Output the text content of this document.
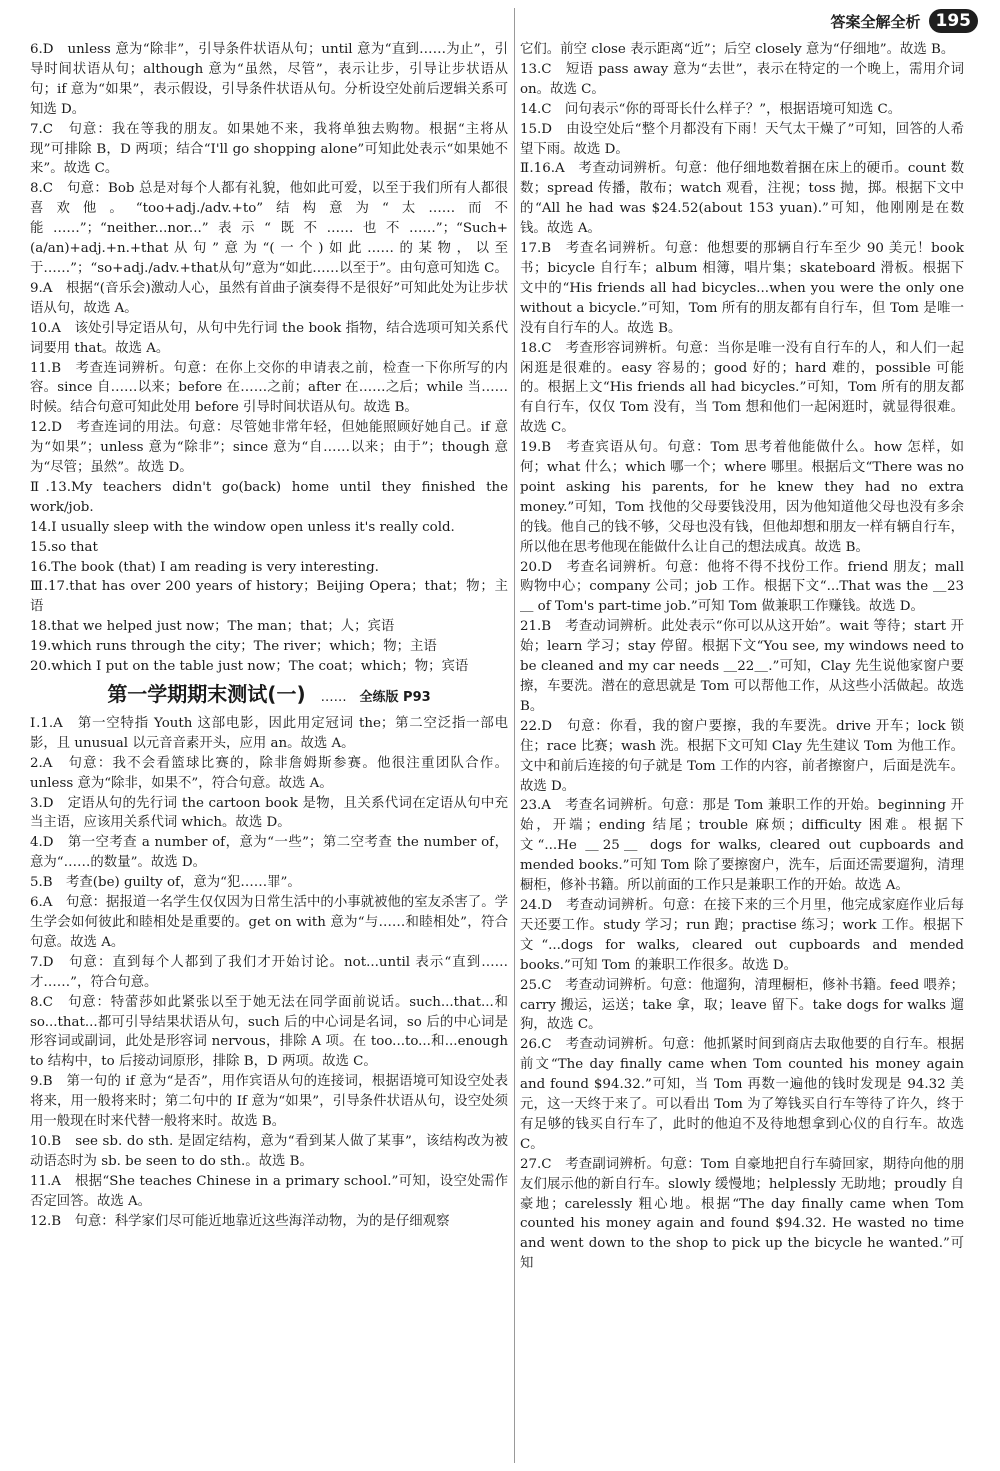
答案全解全析 195

6.D　unless 意为“除非”，引导条件状语从句；until 意为“直到……为止”，引导时间状语从句；although 意为“虽然，尽管”，表示让步，引导让步状语从句；if 意为“如果”，表示假设，引导条件状语从句。分析设空处前后逻辑关系可知选 D。

7.C　句意：我在等我的朋友。如果她不来，我将单独去购物。根据“主将从现”可排除 B，D 两项；结合“I'll go shopping alone”可知此处表示“如果她不来”。故选 C。

8.C　句意：Bob 总是对每个人都有礼貌，他如此可爱，以至于我们所有人都很喜欢他。“too+adj./adv.+to”结构意为“太……而不能……”；“neither...nor...”表示“既不……也不……”；“Such+(a/an)+adj.+n.+that从句”意为“(一个)如此……的某物，以至于……”；“so+adj./adv.+that从句”意为“如此……以至于”。由句意可知选 C。

9.A　根据“(音乐会)激动人心，虽然有首曲子演奏得不是很好”可知此处为让步状语从句，故选 A。

10.A　该处引导定语从句，从句中先行词 the book 指物，结合选项可知关系代词要用 that。故选 A。

11.B　考查连词辨析。句意：在你上交你的申请表之前，检查一下你所写的内容。since 自……以来；before 在……之前；after 在……之后；while 当……时候。结合句意可知此处用 before 引导时间状语从句。故选 B。

12.D　考查连词的用法。句意：尽管她非常年轻，但她能照顾好她自己。if 意为“如果”；unless 意为“除非”；since 意为“自……以来；由于”；though 意为“尽管；虽然”。故选 D。

Ⅱ.13.My teachers didn't go(back) home until they finished the work/job.

14.I usually sleep with the window open unless it's really cold.

15.so that

16.The book (that) I am reading is very interesting.

Ⅲ.17.that has over 200 years of history；Beijing Opera；that；物；主语

18.that we helped just now；The man；that；人；宾语

19.which runs through the city；The river；which；物；主语

20.which I put on the table just now；The coat；which；物；宾语

第一学期期末测试(一) …… 全练版 P93

Ⅰ.1.A　第一空特指 Youth 这部电影，因此用定冠词 the；第二空泛指一部电影，且 unusual 以元音音素开头，应用 an。故选 A。

2.A　句意：我不会看篮球比赛的，除非詹姆斯参赛。他很注重团队合作。unless 意为“除非，如果不”，符合句意。故选 A。

3.D　定语从句的先行词 the cartoon book 是物，且关系代词在定语从句中充当主语，应该用关系代词 which。故选 D。

4.D　第一空考查 a number of，意为“一些”；第二空考查 the number of，意为“……的数量”。故选 D。

5.B　考查(be) guilty of，意为“犯……罪”。

6.A　句意：据报道一名学生仅仅因为日常生活中的小事就被他的室友杀害了。学生学会如何彼此和睦相处是重要的。get on with 意为“与……和睦相处”，符合句意。故选 A。

7.D　句意：直到每个人都到了我们才开始讨论。not...until 表示“直到……才……”，符合句意。

8.C　句意：特蕾莎如此紧张以至于她无法在同学面前说话。such...that...和 so...that...都可引导结果状语从句，such 后的中心词是名词，so 后的中心词是形容词或副词，此处是形容词 nervous，排除 A 项。在 too...to...和...enough to 结构中，to 后接动词原形，排除 B，D 两项。故选 C。

9.B　第一句的 if 意为“是否”，用作宾语从句的连接词，根据语境可知设空处表将来，用一般将来时；第二句中的 If 意为“如果”，引导条件状语从句，设空处须用一般现在时来代替一般将来时。故选 B。

10.B　see sb. do sth. 是固定结构，意为“看到某人做了某事”，该结构改为被动语态时为 sb. be seen to do sth.。故选 B。

11.A　根据“She teaches Chinese in a primary school.”可知，设空处需作否定回答。故选 A。

12.B　句意：科学家们尽可能近地靠近这些海洋动物，为的是仔细观察

它们。前空 close 表示距离“近”；后空 closely 意为“仔细地”。故选 B。

13.C　短语 pass away 意为“去世”，表示在特定的一个晚上，需用介词 on。故选 C。

14.C　问句表示“你的哥哥长什么样子？”，根据语境可知选 C。

15.D　由设空处后“整个月都没有下雨！天气太干燥了”可知，回答的人希望下雨。故选 D。

Ⅱ.16.A　考查动词辨析。句意：他仔细地数着捆在床上的硬币。count 数数；spread 传播，散布；watch 观看，注视；toss 抛，掷。根据下文中的“All he had was $24.52(about 153 yuan).”可知，他刚刚是在数钱。故选 A。

17.B　考查名词辨析。句意：他想要的那辆自行车至少 90 美元！book 书；bicycle 自行车；album 相簿，唱片集；skateboard 滑板。根据下文中的“His friends all had bicycles...when you were the only one without a bicycle.”可知，Tom 所有的朋友都有自行车，但 Tom 是唯一没有自行车的人。故选 B。

18.C　考查形容词辨析。句意：当你是唯一没有自行车的人，和人们一起闲逛是很难的。easy 容易的；good 好的；hard 难的，possible 可能的。根据上文“His friends all had bicycles.”可知，Tom 所有的朋友都有自行车，仅仅 Tom 没有，当 Tom 想和他们一起闲逛时，就显得很难。故选 C。

19.B　考查宾语从句。句意：Tom 思考着他能做什么。how 怎样，如何；what 什么；which 哪一个；where 哪里。根据后文“There was no point asking his parents, for he knew they had no extra money.”可知，Tom 找他的父母要钱没用，因为他知道他父母也没有多余的钱。他自己的钱不够，父母也没有钱，但他却想和朋友一样有辆自行车，所以他在思考他现在能做什么让自己的想法成真。故选 B。

20.D　考查名词辨析。句意：他将不得不找份工作。friend 朋友；mall 购物中心；company 公司；job 工作。根据下文“...That was the ＿23＿ of Tom's part-time job.”可知 Tom 做兼职工作赚钱。故选 D。

21.B　考查动词辨析。此处表示“你可以从这开始”。wait 等待；start 开始；learn 学习；stay 停留。根据下文“You see, my windows need to be cleaned and my car needs ＿22＿.”可知，Clay 先生说他家窗户要擦，车要洗。潜在的意思就是 Tom 可以帮他工作，从这些小活做起。故选 B。

22.D　句意：你看，我的窗户要擦，我的车要洗。drive 开车；lock 锁住；race 比赛；wash 洗。根据下文可知 Clay 先生建议 Tom 为他工作。文中和前后连接的句子就是 Tom 工作的内容，前者擦窗户，后面是洗车。故选 D。

23.A　考查名词辨析。句意：那是 Tom 兼职工作的开始。beginning 开始，开端；ending 结尾；trouble 麻烦；difficulty 困难。根据下文“...He ＿25＿ dogs for walks, cleared out cupboards and mended books.”可知 Tom 除了要擦窗户，洗车，后面还需要遛狗，清理橱柜，修补书籍。所以前面的工作只是兼职工作的开始。故选 A。

24.D　考查动词辨析。句意：在接下来的三个月里，他完成家庭作业后每天还要工作。study 学习；run 跑；practise 练习；work 工作。根据下文“...dogs for walks, cleared out cupboards and mended books.”可知 Tom 的兼职工作很多。故选 D。

25.C　考查动词辨析。句意：他遛狗，清理橱柜，修补书籍。feed 喂养；carry 搬运，运送；take 拿，取；leave 留下。take dogs for walks 遛狗，故选 C。

26.C　考查动词辨析。句意：他抓紧时间到商店去取他要的自行车。根据前文“The day finally came when Tom counted his money again and found $94.32.”可知，当 Tom 再数一遍他的钱时发现是 94.32 美元，这一天终于来了。可以看出 Tom 为了筹钱买自行车等待了许久，终于有足够的钱买自行车了，此时的他迫不及待地想拿到心仪的自行车。故选 C。

27.C　考查副词辨析。句意：Tom 自豪地把自行车骑回家，期待向他的朋友们展示他的新自行车。slowly 缓慢地；helplessly 无助地；proudly 自豪地；carelessly 粗心地。根据“The day finally came when Tom counted his money again and found $94.32. He wasted no time and went down to the shop to pick up the bicycle he wanted.”可知
